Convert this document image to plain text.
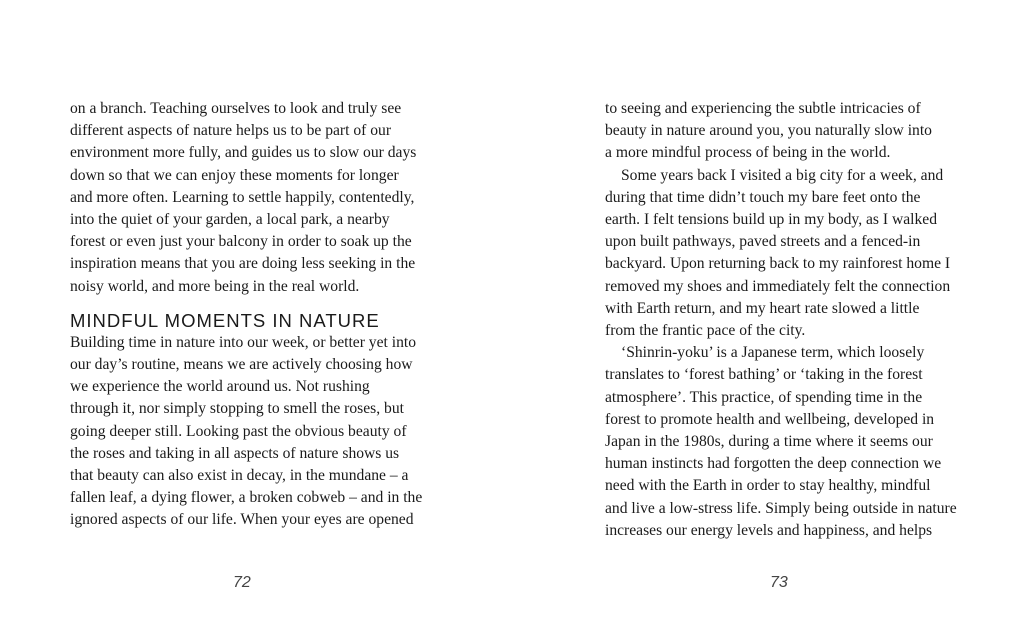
on a branch. Teaching ourselves to look and truly see
different aspects of nature helps us to be part of our
environment more fully, and guides us to slow our days
down so that we can enjoy these moments for longer
and more often. Learning to settle happily, contentedly,
into the quiet of your garden, a local park, a nearby
forest or even just your balcony in order to soak up the
inspiration means that you are doing less seeking in the
noisy world, and more being in the real world.
MINDFUL MOMENTS IN NATURE
Building time in nature into our week, or better yet into
our day’s routine, means we are actively choosing how
we experience the world around us. Not rushing
through it, nor simply stopping to smell the roses, but
going deeper still. Looking past the obvious beauty of
the roses and taking in all aspects of nature shows us
that beauty can also exist in decay, in the mundane – a
fallen leaf, a dying flower, a broken cobweb – and in the
ignored aspects of our life. When your eyes are opened
72
to seeing and experiencing the subtle intricacies of
beauty in nature around you, you naturally slow into
a more mindful process of being in the world.
Some years back I visited a big city for a week, and
during that time didn’t touch my bare feet onto the
earth. I felt tensions build up in my body, as I walked
upon built pathways, paved streets and a fenced-in
backyard. Upon returning back to my rainforest home I
removed my shoes and immediately felt the connection
with Earth return, and my heart rate slowed a little
from the frantic pace of the city.
‘Shinrin-yoku’ is a Japanese term, which loosely
translates to ‘forest bathing’ or ‘taking in the forest
atmosphere’. This practice, of spending time in the
forest to promote health and wellbeing, developed in
Japan in the 1980s, during a time where it seems our
human instincts had forgotten the deep connection we
need with the Earth in order to stay healthy, mindful
and live a low-stress life. Simply being outside in nature
increases our energy levels and happiness, and helps
73
